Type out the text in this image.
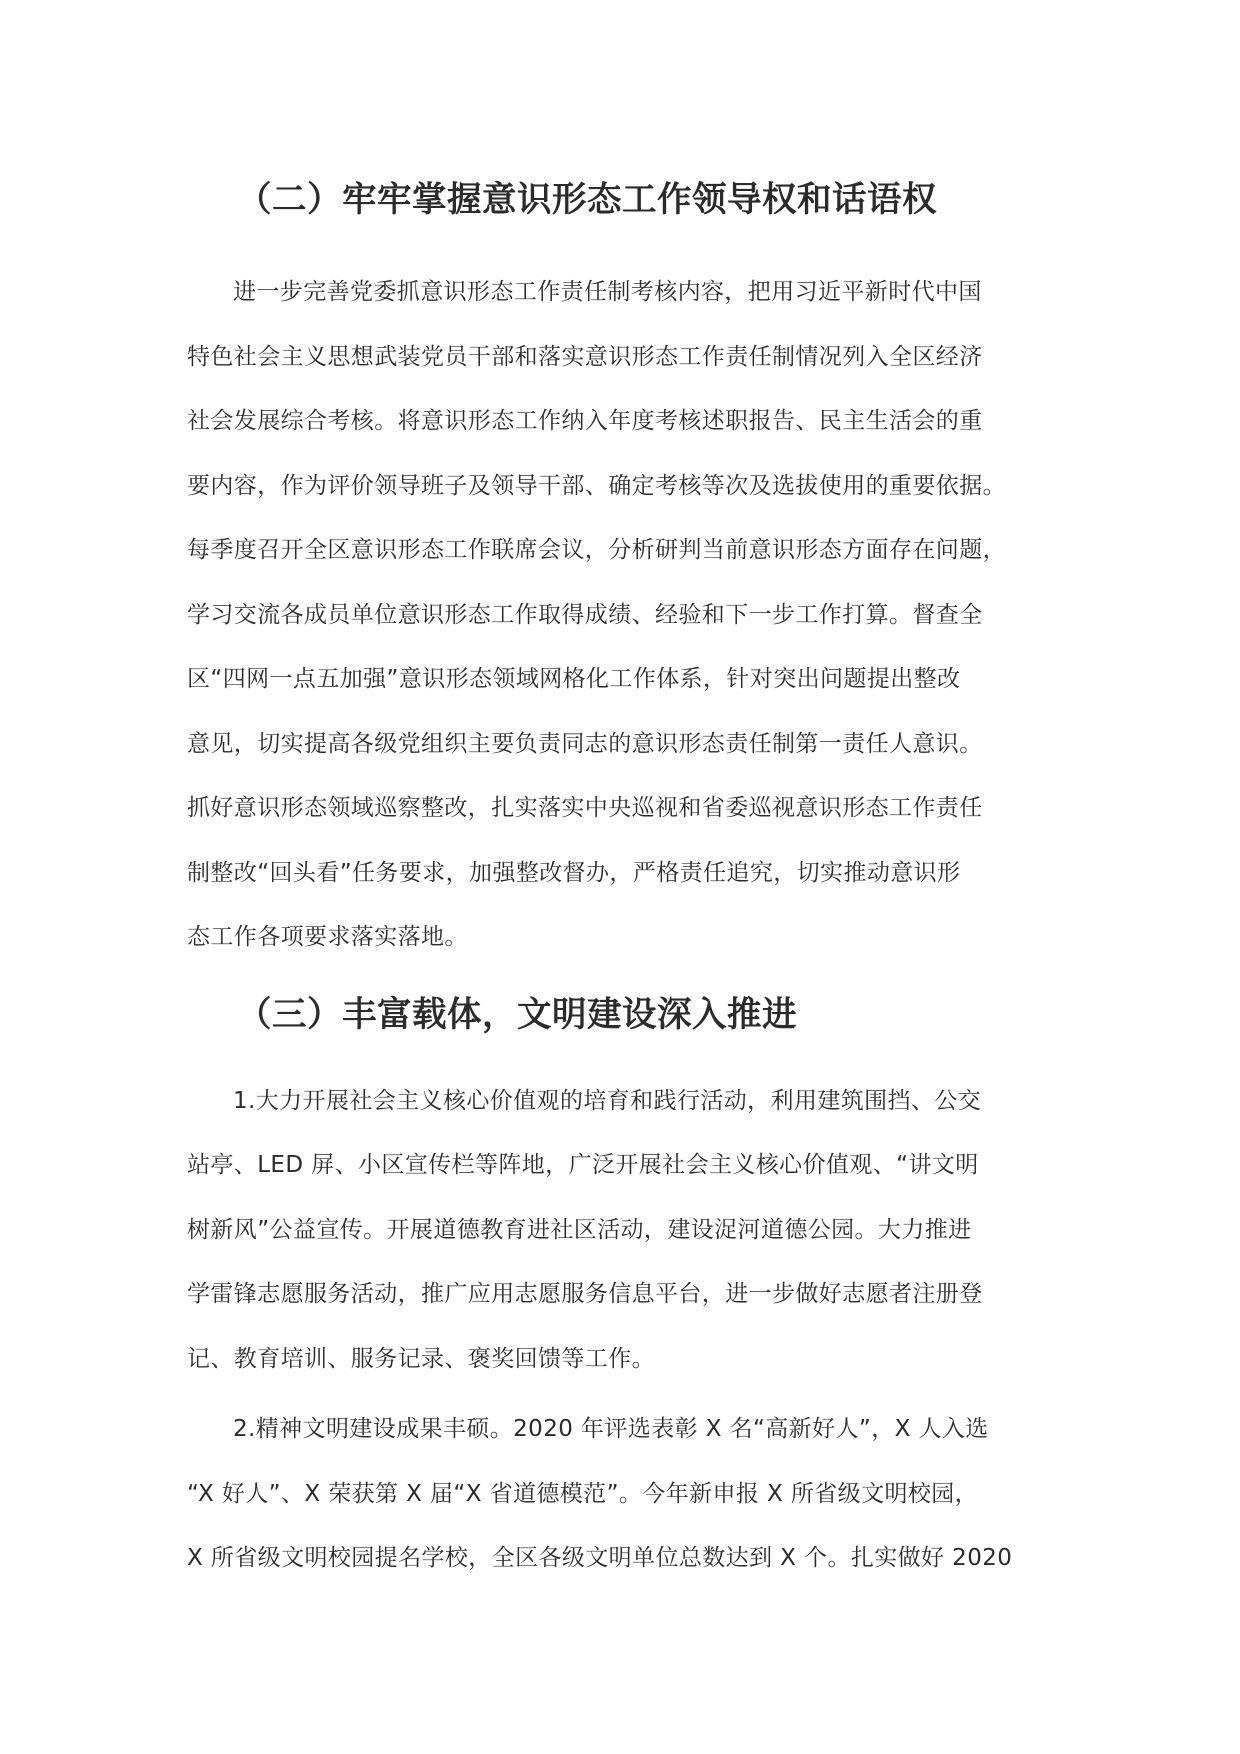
（二）牢牢掌握意识形态工作领导权和话语权

进一步完善党委抓意识形态工作责任制考核内容，把用习近平新时代中国
特色社会主义思想武装党员干部和落实意识形态工作责任制情况列入全区经济
社会发展综合考核。将意识形态工作纳入年度考核述职报告、民主生活会的重
要内容，作为评价领导班子及领导干部、确定考核等次及选拔使用的重要依据。
每季度召开全区意识形态工作联席会议，分析研判当前意识形态方面存在问题，
学习交流各成员单位意识形态工作取得成绩、经验和下一步工作打算。督查全
区“四网一点五加强”意识形态领域网格化工作体系，针对突出问题提出整改
意见，切实提高各级党组织主要负责同志的意识形态责任制第一责任人意识。
抓好意识形态领域巡察整改，扎实落实中央巡视和省委巡视意识形态工作责任
制整改“回头看”任务要求，加强整改督办，严格责任追究，切实推动意识形
态工作各项要求落实落地。

（三）丰富载体，文明建设深入推进

1.大力开展社会主义核心价值观的培育和践行活动，利用建筑围挡、公交
站亭、LED 屏、小区宣传栏等阵地，广泛开展社会主义核心价值观、“讲文明
树新风”公益宣传。开展道德教育进社区活动，建设浞河道德公园。大力推进
学雷锋志愿服务活动，推广应用志愿服务信息平台，进一步做好志愿者注册登
记、教育培训、服务记录、褒奖回馈等工作。

2.精神文明建设成果丰硕。2020 年评选表彰 X 名“高新好人”，X 人入选
“X 好人”、X 荣获第 X 届“X 省道德模范”。今年新申报 X 所省级文明校园，
X 所省级文明校园提名学校，全区各级文明单位总数达到 X 个。扎实做好 2020
